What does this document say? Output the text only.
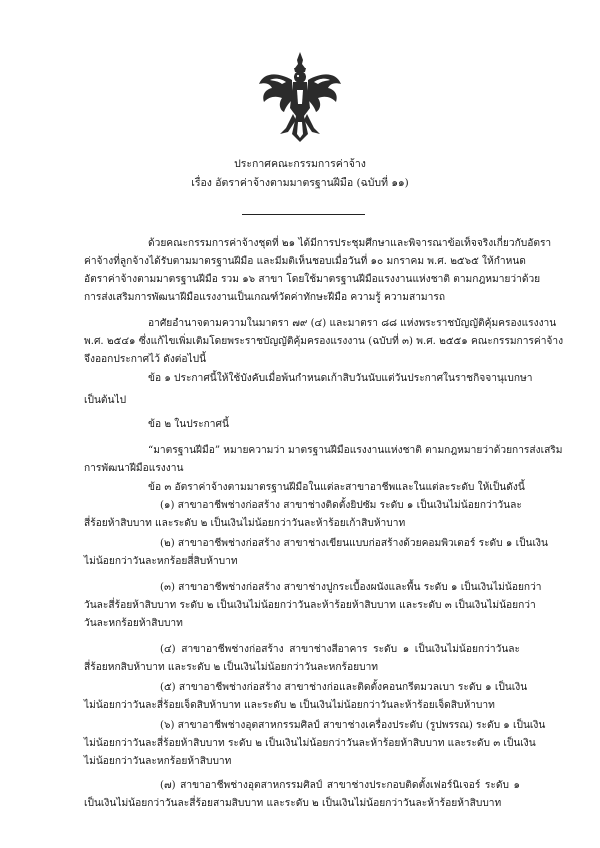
ประกาศคณะกรรมการค่าจ้าง
เรื่อง อัตราค่าจ้างตามมาตรฐานฝีมือ (ฉบับที่ ๑๑)
ด้วยคณะกรรมการค่าจ้างชุดที่ ๒๑ ได้มีการประชุมศึกษาและพิจารณาข้อเท็จจริงเกี่ยวกับอัตรา
ค่าจ้างที่ลูกจ้างได้รับตามมาตรฐานฝีมือ และมีมติเห็นชอบเมื่อวันที่ ๑๐ มกราคม พ.ศ. ๒๕๖๕ ให้กำหนด
อัตราค่าจ้างตามมาตรฐานฝีมือ รวม ๑๖ สาขา โดยใช้มาตรฐานฝีมือแรงงานแห่งชาติ ตามกฎหมายว่าด้วย
การส่งเสริมการพัฒนาฝีมือแรงงานเป็นเกณฑ์วัดค่าทักษะฝีมือ ความรู้ ความสามารถ
อาศัยอำนาจตามความในมาตรา ๗๙ (๔) และมาตรา ๘๘ แห่งพระราชบัญญัติคุ้มครองแรงงาน
พ.ศ. ๒๕๔๑ ซึ่งแก้ไขเพิ่มเติมโดยพระราชบัญญัติคุ้มครองแรงงาน (ฉบับที่ ๓) พ.ศ. ๒๕๕๑ คณะกรรมการค่าจ้าง
จึงออกประกาศไว้ ดังต่อไปนี้
ข้อ ๑ ประกาศนี้ให้ใช้บังคับเมื่อพ้นกำหนดเก้าสิบวันนับแต่วันประกาศในราชกิจจานุเบกษา
เป็นต้นไป
ข้อ ๒ ในประกาศนี้
“มาตรฐานฝีมือ” หมายความว่า มาตรฐานฝีมือแรงงานแห่งชาติ ตามกฎหมายว่าด้วยการส่งเสริม
การพัฒนาฝีมือแรงงาน
ข้อ ๓ อัตราค่าจ้างตามมาตรฐานฝีมือในแต่ละสาขาอาชีพและในแต่ละระดับ ให้เป็นดังนี้
(๑) สาขาอาชีพช่างก่อสร้าง สาขาช่างติดตั้งยิปซัม ระดับ ๑ เป็นเงินไม่น้อยกว่าวันละ
สี่ร้อยห้าสิบบาท และระดับ ๒ เป็นเงินไม่น้อยกว่าวันละห้าร้อยเก้าสิบห้าบาท
(๒) สาขาอาชีพช่างก่อสร้าง สาขาช่างเขียนแบบก่อสร้างด้วยคอมพิวเตอร์ ระดับ ๑ เป็นเงิน
ไม่น้อยกว่าวันละหกร้อยสี่สิบห้าบาท
(๓) สาขาอาชีพช่างก่อสร้าง สาขาช่างปูกระเบื้องผนังและพื้น ระดับ ๑ เป็นเงินไม่น้อยกว่า
วันละสี่ร้อยห้าสิบบาท ระดับ ๒ เป็นเงินไม่น้อยกว่าวันละห้าร้อยห้าสิบบาท และระดับ ๓ เป็นเงินไม่น้อยกว่า
วันละหกร้อยห้าสิบบาท
(๔) สาขาอาชีพช่างก่อสร้าง สาขาช่างสีอาคาร ระดับ ๑ เป็นเงินไม่น้อยกว่าวันละ
สี่ร้อยหกสิบห้าบาท และระดับ ๒ เป็นเงินไม่น้อยกว่าวันละหกร้อยบาท
(๕) สาขาอาชีพช่างก่อสร้าง สาขาช่างก่อและติดตั้งคอนกรีตมวลเบา ระดับ ๑ เป็นเงิน
ไม่น้อยกว่าวันละสี่ร้อยเจ็ดสิบห้าบาท และระดับ ๒ เป็นเงินไม่น้อยกว่าวันละห้าร้อยเจ็ดสิบห้าบาท
(๖) สาขาอาชีพช่างอุตสาหกรรมศิลป์ สาขาช่างเครื่องประดับ (รูปพรรณ) ระดับ ๑ เป็นเงิน
ไม่น้อยกว่าวันละสี่ร้อยห้าสิบบาท ระดับ ๒ เป็นเงินไม่น้อยกว่าวันละห้าร้อยห้าสิบบาท และระดับ ๓ เป็นเงิน
ไม่น้อยกว่าวันละหกร้อยห้าสิบบาท
(๗) สาขาอาชีพช่างอุตสาหกรรมศิลป์ สาขาช่างประกอบติดตั้งเฟอร์นิเจอร์ ระดับ ๑
เป็นเงินไม่น้อยกว่าวันละสี่ร้อยสามสิบบาท และระดับ ๒ เป็นเงินไม่น้อยกว่าวันละห้าร้อยห้าสิบบาท
